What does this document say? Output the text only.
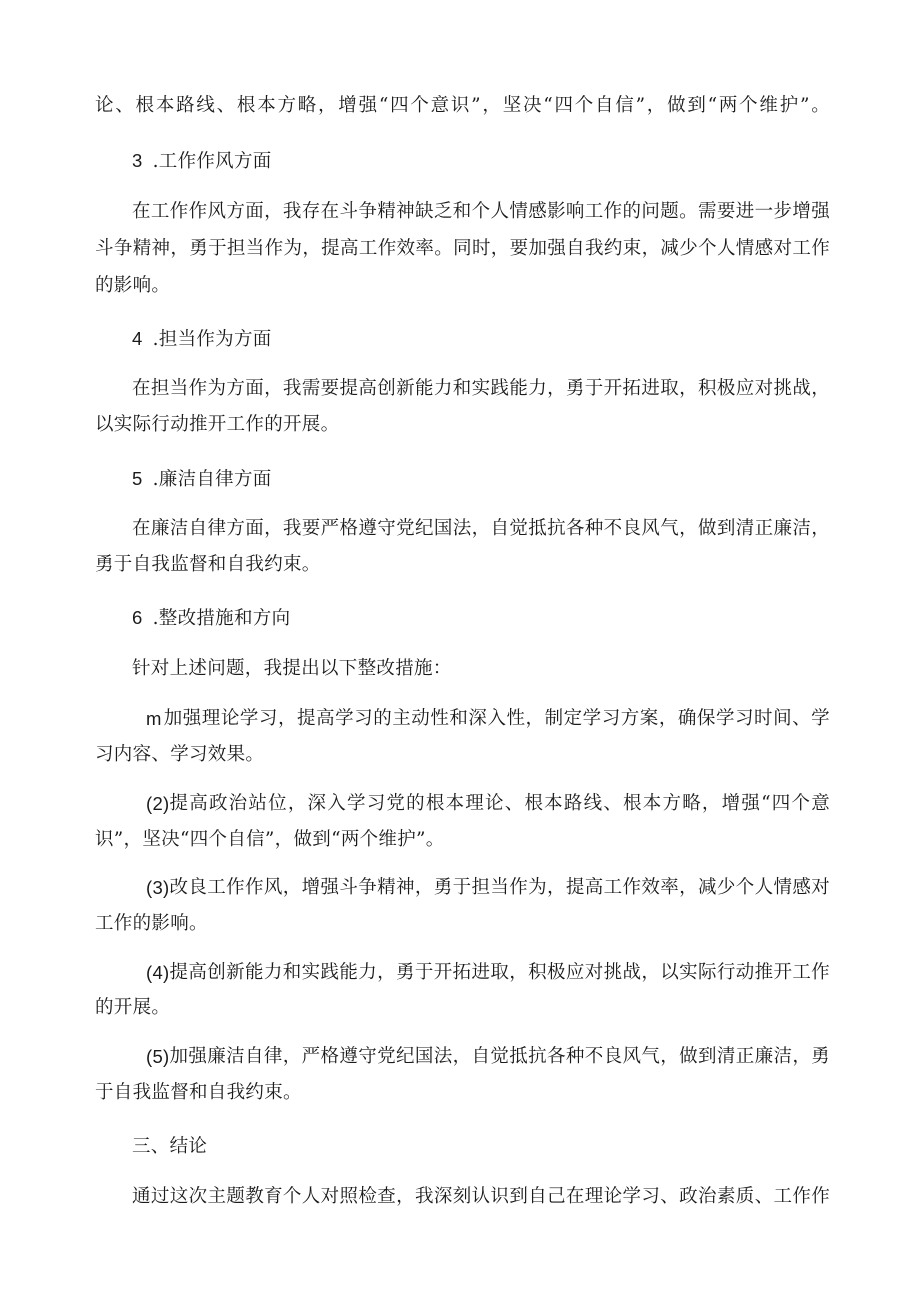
论、根本路线、根本方略，增强“四个意识”，坚决“四个自信”，做到“两个维护”。
3 .工作作风方面
在工作作风方面，我存在斗争精神缺乏和个人情感影响工作的问题。需要进一步增强
斗争精神，勇于担当作为，提高工作效率。同时，要加强自我约束，减少个人情感对工作
的影响。
4 .担当作为方面
在担当作为方面，我需要提高创新能力和实践能力，勇于开拓进取，积极应对挑战，
以实际行动推开工作的开展。
5 .廉洁自律方面
在廉洁自律方面，我要严格遵守党纪国法，自觉抵抗各种不良风气，做到清正廉洁，
勇于自我监督和自我约束。
6 .整改措施和方向
针对上述问题，我提出以下整改措施：
m 加强理论学习，提高学习的主动性和深入性，制定学习方案，确保学习时间、学
习内容、学习效果。
(2) 提高政治站位，深入学习党的根本理论、根本路线、根本方略，增强“四个意
识”，坚决“四个自信”，做到“两个维护”。
(3) 改良工作作风，增强斗争精神，勇于担当作为，提高工作效率，减少个人情感对
工作的影响。
(4) 提高创新能力和实践能力，勇于开拓进取，积极应对挑战，以实际行动推开工作
的开展。
(5) 加强廉洁自律，严格遵守党纪国法，自觉抵抗各种不良风气，做到清正廉洁，勇
于自我监督和自我约束。
三、结论
通过这次主题教育个人对照检查，我深刻认识到自己在理论学习、政治素质、工作作
